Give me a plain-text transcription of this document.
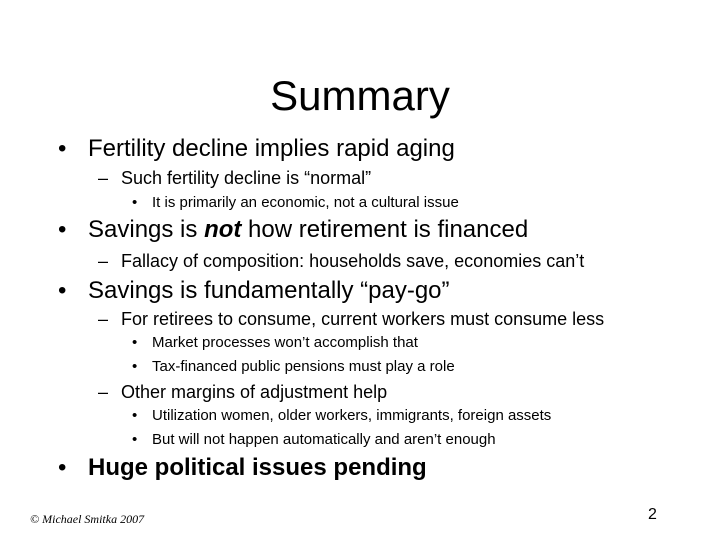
Summary
• Fertility decline implies rapid aging
– Such fertility decline is “normal”
• It is primarily an economic, not a cultural issue
• Savings is not how retirement is financed
– Fallacy of composition: households save, economies can’t
• Savings is fundamentally “pay-go”
– For retirees to consume, current workers must consume less
• Market processes won’t accomplish that
• Tax-financed public pensions must play a role
– Other margins of adjustment help
• Utilization women, older workers, immigrants, foreign assets
• But will not happen automatically and aren’t enough
• Huge political issues pending
© Michael Smitka 2007	2
